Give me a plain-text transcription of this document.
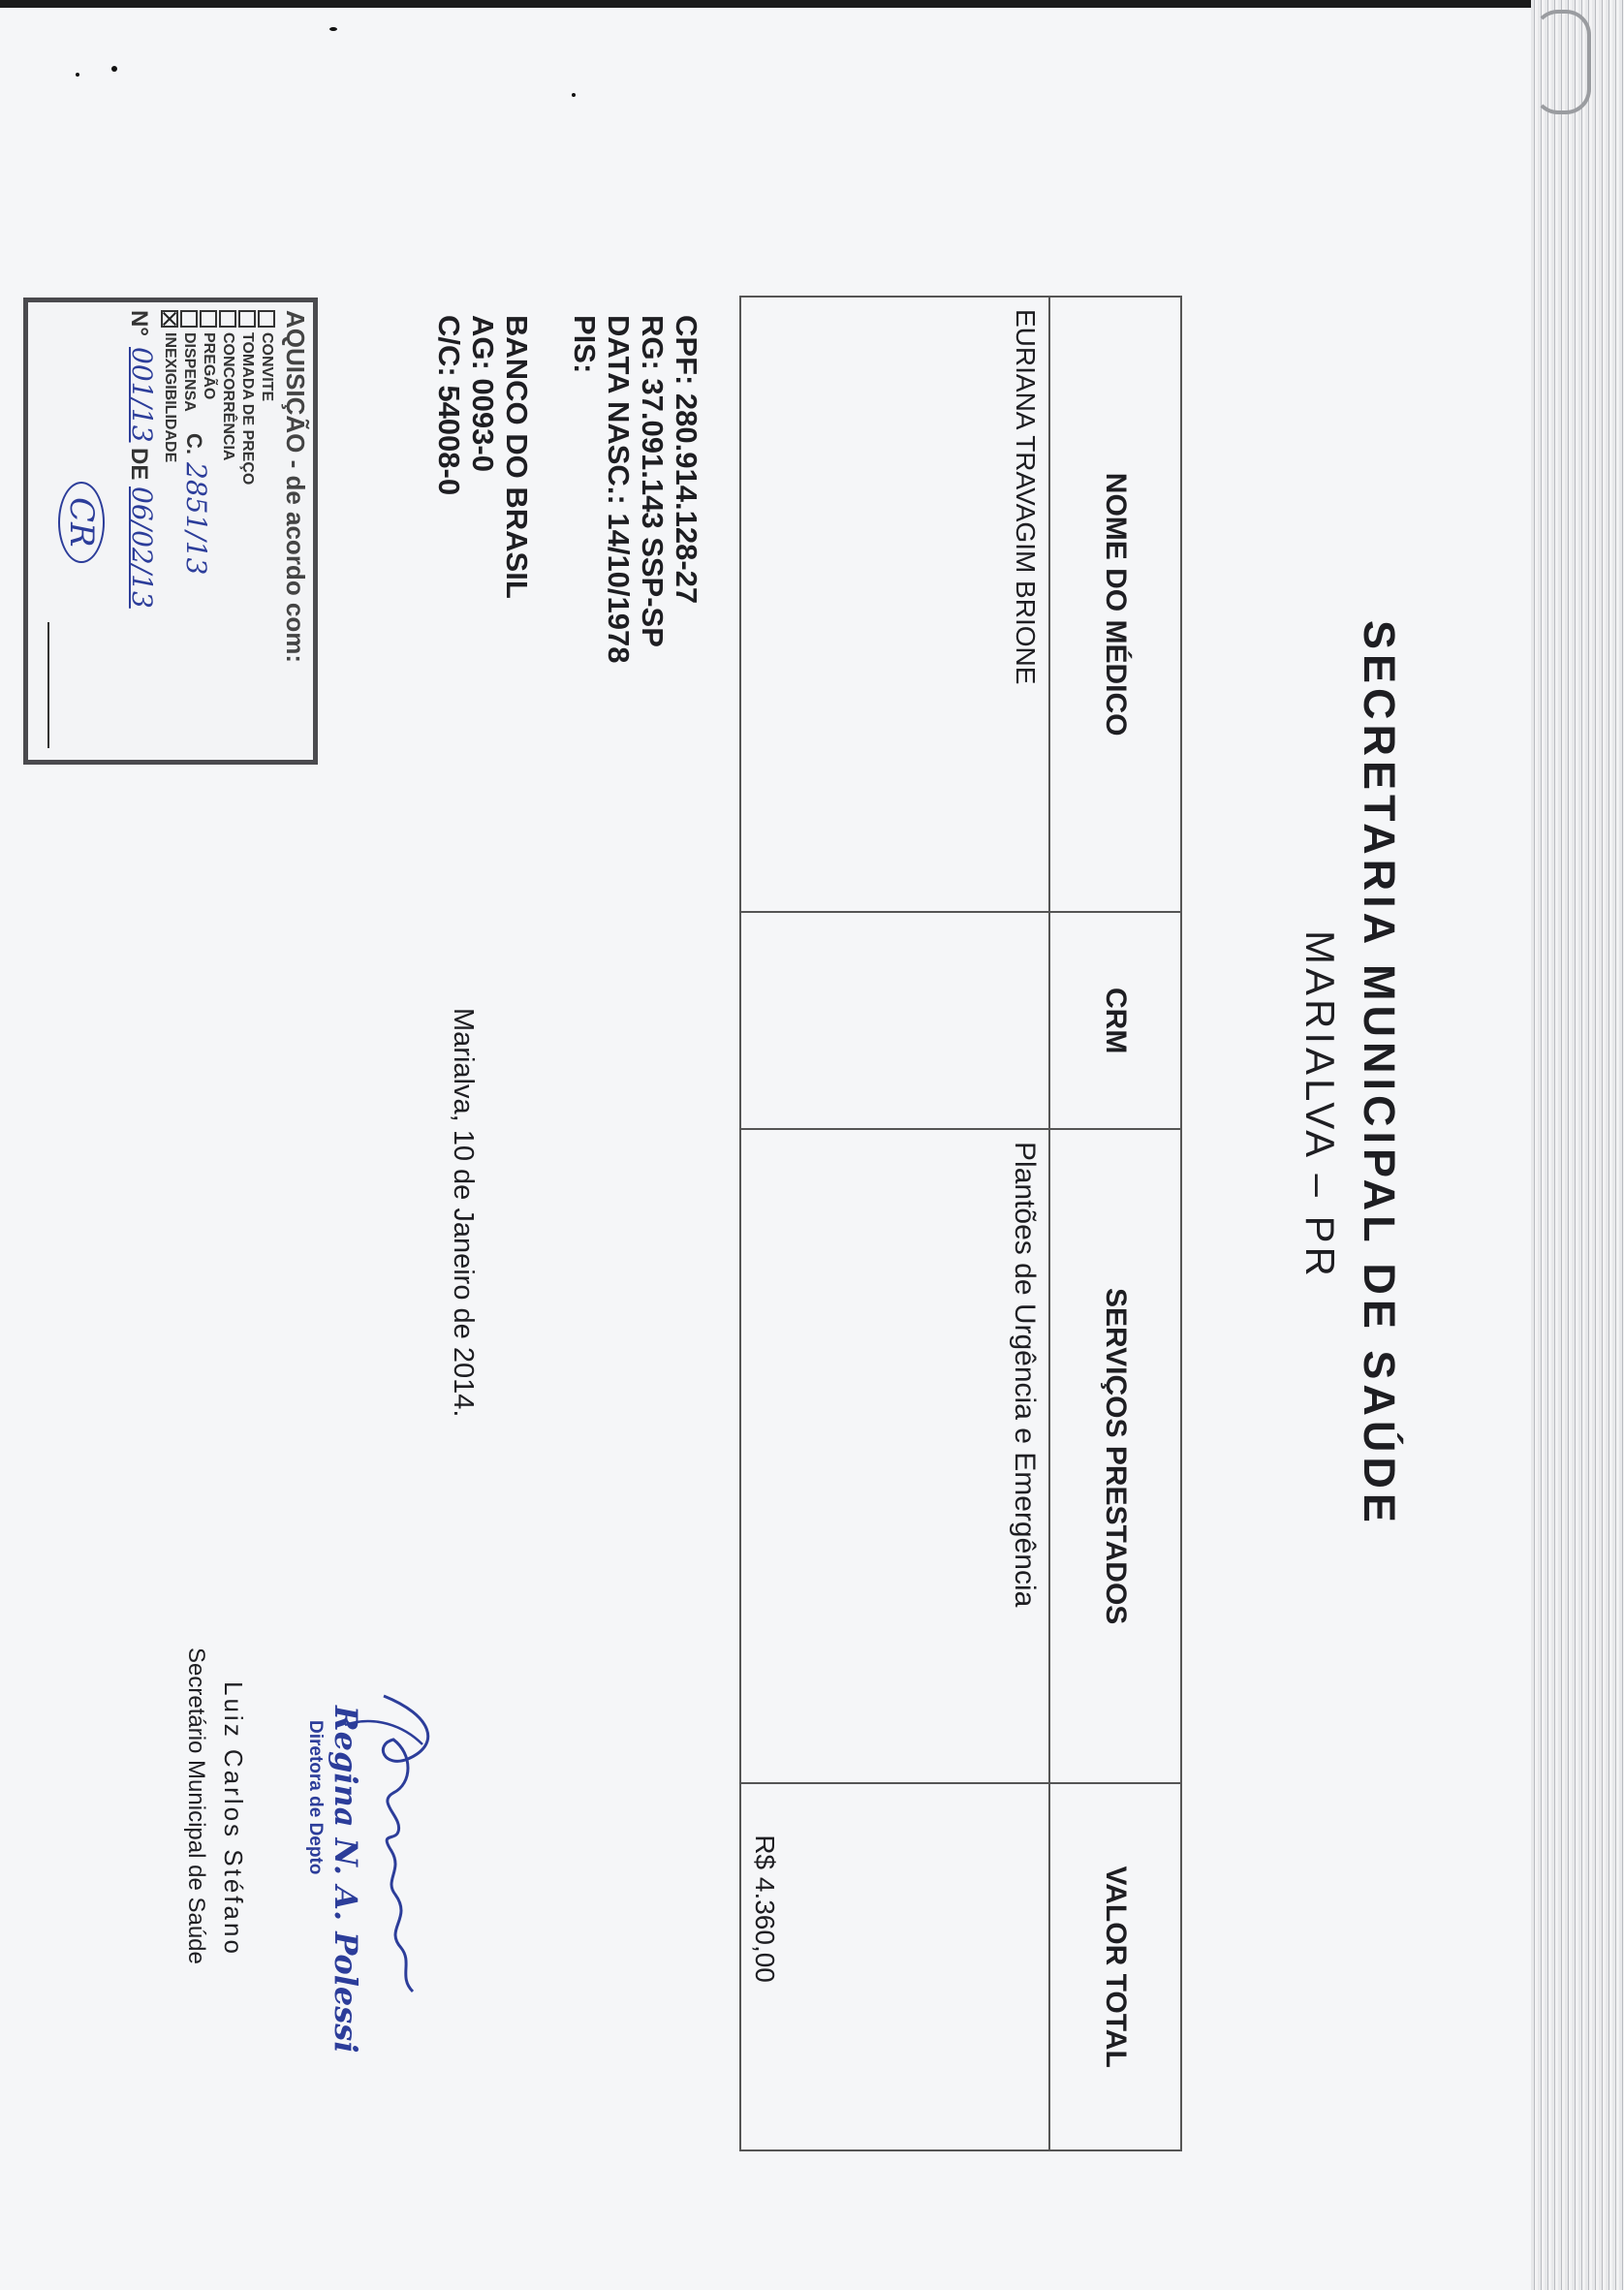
SECRETARIA MUNICIPAL DE SAÚDE
MARIALVA – PR
NOME DO MÉDICO	CRM	SERVIÇOS PRESTADOS	VALOR TOTAL
EURIANA TRAVAGIM BRIONE		Plantões de Urgência e Emergência	R$ 4.360,00
CPF: 280.914.128-27
RG: 37.091.143 SSP-SP
DATA NASC.: 14/10/1978
PIS:
BANCO DO BRASIL
AG: 0093-0
C/C: 54008-0
Marialva, 10 de Janeiro de 2014.
AQUISIÇÃO - de acordo com:
CONVITE
TOMADA DE PREÇO
CONCORRÊNCIA
PREGÃO
DISPENSA
C.
2851/13
INEXIGIBILIDADE
N°
001/13
DE
06/02/13
CR
Regina N. A. Polessi
Diretora de Depto
Luiz Carlos Stéfano
Secretário Municipal de Saúde
